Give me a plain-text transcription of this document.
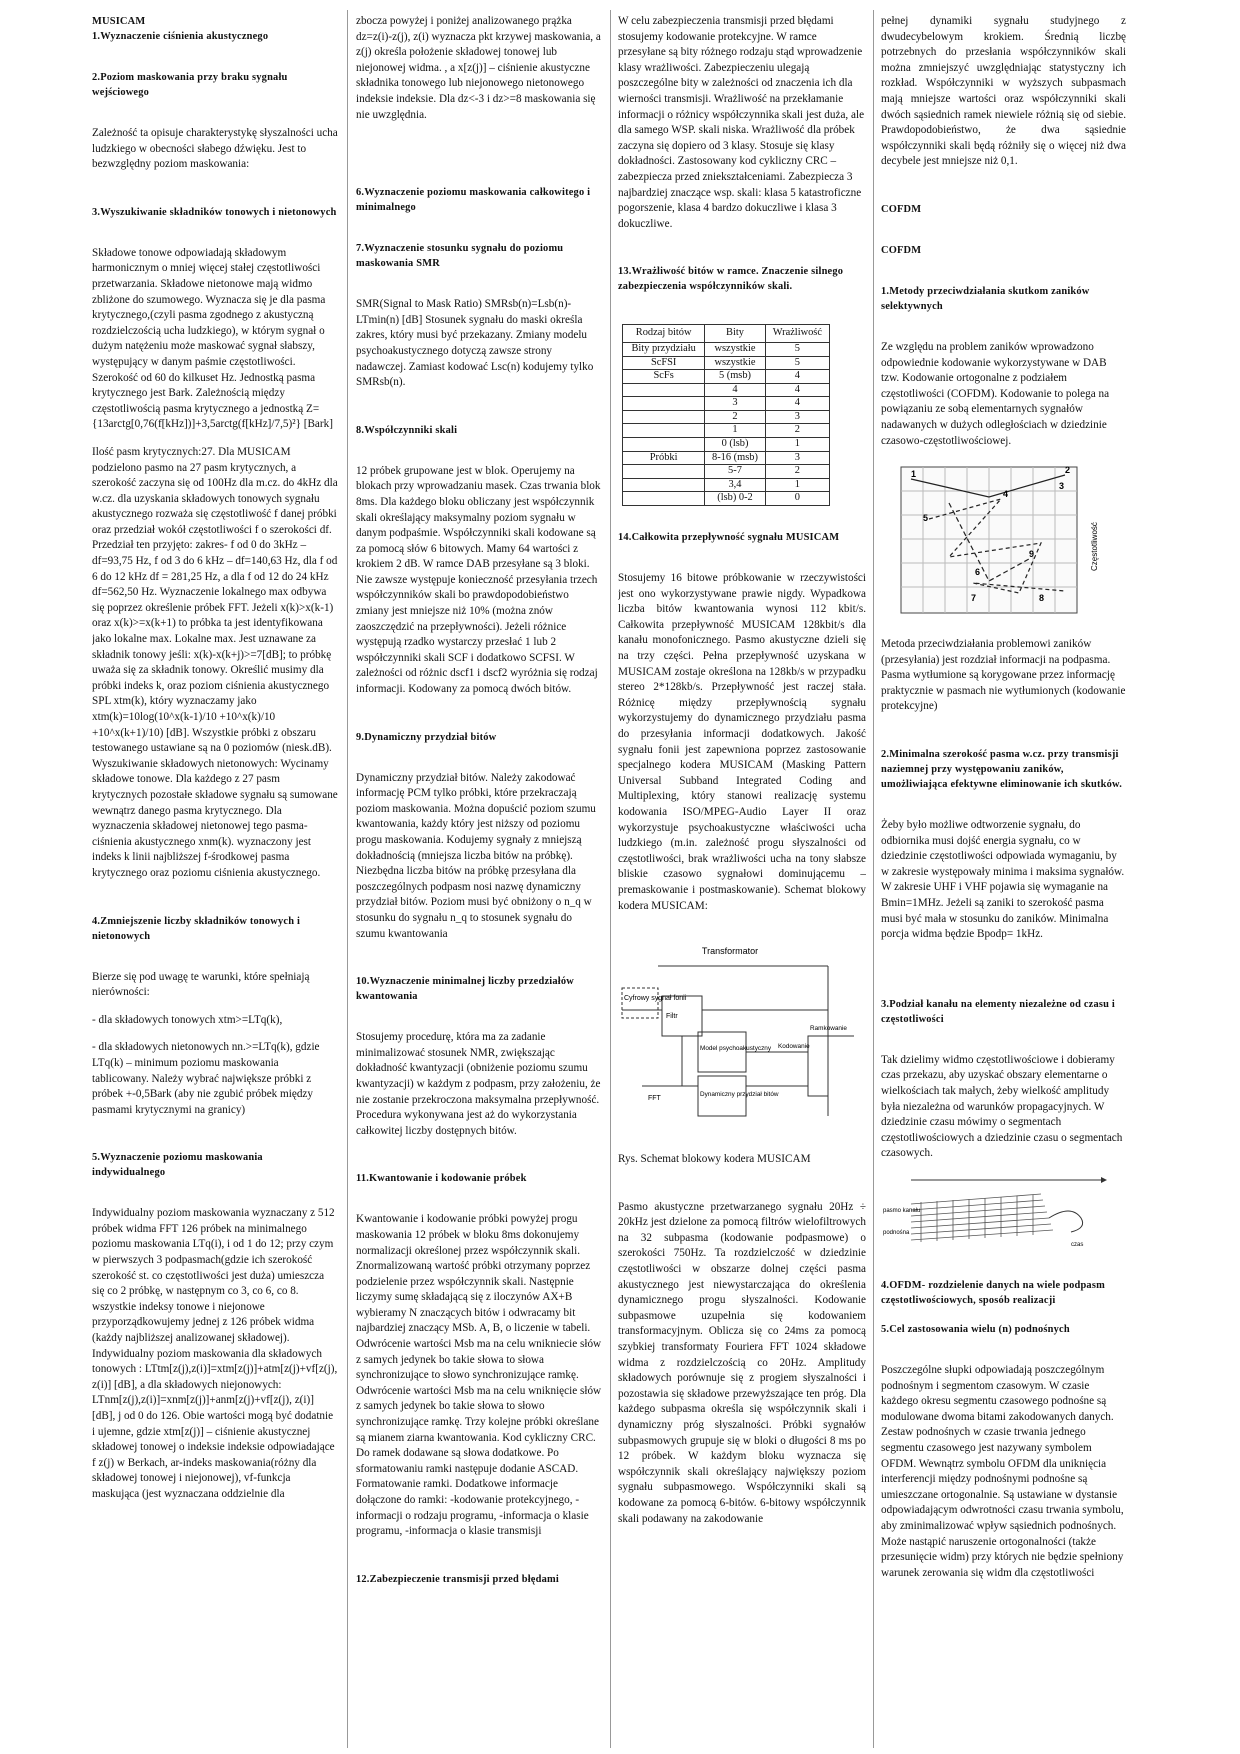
MUSICAM
1.Wyznaczenie ciśnienia akustycznego
2.Poziom maskowania przy braku sygnału wejściowego

Zależność ta opisuje charakterystykę słyszalności ucha ludzkiego w obecności słabego dźwięku. Jest to bezwzględny poziom maskowania:

3.Wyszukiwanie składników tonowych i nietonowych

Składowe tonowe odpowiadają składowym harmonicznym o mniej więcej stałej częstotliwości przetwarzania. Składowe nietonowe mają widmo zbliżone do szumowego. Wyznacza się je dla pasma krytycznego,(czyli pasma zgodnego z akustyczną rozdzielczością ucha ludzkiego), w którym sygnał o dużym natężeniu może maskować sygnał słabszy, występujący w danym paśmie częstotliwości. Szerokość od 60 do kilkuset Hz. Jednostką pasma krytycznego jest Bark. Zależnością między częstotliwością pasma krytycznego a jednostką Z={13arctg[0,76(f[kHz])]+3,5arctg(f[kHz]/7,5)²} [Bark]

Ilość pasm krytycznych:27. Dla MUSICAM podzielono pasmo na 27 pasm krytycznych, a szerokość zaczyna się od 100Hz dla m.cz. do 4kHz dla w.cz. dla uzyskania składowych tonowych sygnału akustycznego rozważa się częstotliwość f danej próbki oraz przedział wokół częstotliwości f o szerokości df. Przedział ten przyjęto: zakres- f od 0 do 3kHz – df=93,75 Hz, f od 3 do 6 kHz – df=140,63 Hz, dla f od 6 do 12 kHz df = 281,25 Hz, a dla f od 12 do 24 kHz df=562,50 Hz. Wyznaczenie lokalnego max odbywa się poprzez określenie próbek FFT. Jeżeli x(k)>x(k-1) oraz x(k)>=x(k+1) to próbka ta jest identyfikowana jako lokalne max. Lokalne max. Jest uznawane za składnik tonowy jeśli: x(k)-x(k+j)>=7[dB]; to próbkę uważa się za składnik tonowy. Określić musimy dla próbki indeks k, oraz poziom ciśnienia akustycznego SPL xtm(k), który wyznaczamy jako xtm(k)=10log(10^x(k-1)/10 +10^x(k)/10 +10^x(k+1)/10) [dB]. Wszystkie próbki z obszaru testowanego ustawiane są na 0 poziomów (niesk.dB). Wyszukiwanie składowych nietonowych: Wycinamy składowe tonowe. Dla każdego z 27 pasm krytycznych pozostałe składowe sygnału są sumowane wewnątrz danego pasma krytycznego. Dla wyznaczenia składowej nietonowej tego pasma-ciśnienia akustycznego xnm(k). wyznaczony jest indeks k linii najbliższej f-środkowej pasma krytycznego oraz poziomu ciśnienia akustycznego.

4.Zmniejszenie liczby składników tonowych i nietonowych

Bierze się pod uwagę te warunki, które spełniają nierówności:

- dla składowych tonowych xtm>=LTq(k),

- dla składowych nietonowych nn.>=LTq(k), gdzie LTq(k) – minimum poziomu maskowania tablicowany. Należy wybrać największe próbki z próbek +-0,5Bark (aby nie zgubić próbek między pasmami krytycznymi na granicy)

5.Wyznaczenie poziomu maskowania indywidualnego

Indywidualny poziom maskowania wyznaczany z 512 próbek widma FFT 126 próbek na minimalnego poziomu maskowania LTq(i), i od 1 do 12; przy czym w pierwszych 3 podpasmach(gdzie ich szerokość szerokość st. co częstotliwości jest duża) umieszcza się co 2 próbkę, w następnym co 3, co 6, co 8. wszystkie indeksy tonowe i niejonowe przyporządkowujemy jednej z 126 próbek widma (każdy najbliższej analizowanej składowej). Indywidualny poziom maskowania dla składowych tonowych : LTtm[z(j),z(i)]=xtm[z(j)]+atm[z(j)+vf[z(j), z(i)] [dB], a dla składowych niejonowych: LTnm[z(j),z(i)]=xnm[z(j)]+anm[z(j)+vf[z(j), z(i)] [dB], j od 0 do 126. Obie wartości mogą być dodatnie i ujemne, gdzie xtm[z(j)] – ciśnienie akustycznej składowej tonowej o indeksie indeksie odpowiadające f z(j) w Berkach, ar-indeks maskowania(różny dla składowej tonowej i niejonowej), vf-funkcja maskująca (jest wyznaczana oddzielnie dla

zbocza powyżej i poniżej analizowanego prążka dz=z(i)-z(j), z(i) wyznacza pkt krzywej maskowania, a z(j) określa położenie składowej tonowej lub niejonowej widma. , a x[z(j)] – ciśnienie akustyczne składnika tonowego lub niejonowego nietonowego indeksie indeksie. Dla dz<-3 i dz>=8 maskowania się nie uwzględnia.

6.Wyznaczenie poziomu maskowania całkowitego i minimalnego
7.Wyznaczenie stosunku sygnału do poziomu maskowania SMR

SMR(Signal to Mask Ratio) SMRsb(n)=Lsb(n)-LTmin(n) [dB] Stosunek sygnału do maski określa zakres, który musi być przekazany. Zmiany modelu psychoakustycznego dotyczą zawsze strony nadawczej. Zamiast kodować Lsc(n) kodujemy tylko SMRsb(n).

8.Współczynniki skali

12 próbek grupowane jest w blok. Operujemy na blokach przy wprowadzaniu masek. Czas trwania blok 8ms. Dla każdego bloku obliczany jest współczynnik skali określający maksymalny poziom sygnału w danym podpaśmie. Współczynniki skali kodowane są za pomocą słów 6 bitowych. Mamy 64 wartości z krokiem 2 dB. W ramce DAB przesyłane są 3 bloki. Nie zawsze występuje konieczność przesyłania trzech współczynników skali bo prawdopodobieństwo zmiany jest mniejsze niż 10% (można znów zaoszczędzić na przepływności). Jeżeli różnice występują rzadko wystarczy przesłać 1 lub 2 współczynniki skali SCF i dodatkowo SCFSI. W zależności od różnic dscf1 i dscf2 wyróżnia się rodzaj informacji. Kodowany za pomocą dwóch bitów.

9.Dynamiczny przydział bitów

Dynamiczny przydział bitów. Należy zakodować informację PCM tylko próbki, które przekraczają poziom maskowania. Można dopuścić poziom szumu kwantowania, każdy który jest niższy od poziomu progu maskowania. Kodujemy sygnały z mniejszą dokładnością (mniejsza liczba bitów na próbkę). Niezbędna liczba bitów na próbkę przesyłana dla poszczególnych podpasm nosi nazwę dynamiczny przydział bitów. Poziom musi być obniżony o n_q w stosunku do sygnału n_q to stosunek sygnału do szumu kwantowania

10.Wyznaczenie minimalnej liczby przedziałów kwantowania

Stosujemy procedurę, która ma za zadanie minimalizować stosunek NMR, zwiększając dokładność kwantyzacji (obniżenie poziomu szumu kwantyzacji) w każdym z podpasm, przy założeniu, że nie zostanie przekroczona maksymalna przepływność. Procedura wykonywana jest aż do wykorzystania całkowitej liczby dostępnych bitów.

11.Kwantowanie i kodowanie próbek

Kwantowanie i kodowanie próbki powyżej progu maskowania 12 próbek w bloku 8ms dokonujemy normalizacji określonej przez współczynnik skali. Znormalizowaną wartość próbki otrzymany poprzez podzielenie przez współczynnik skali. Następnie liczymy sumę składającą się z iloczynów AX+B wybieramy N znaczących bitów i odwracamy bit najbardziej znaczący MSb. A, B, o liczenie w tabeli. Odwrócenie wartości Msb ma na celu wnikniecie słów z samych jedynek bo takie słowa to słowa synchronizujące to słowo synchronizujące ramkę. Odwrócenie wartości Msb ma na celu wniknięcie słów z samych jedynek bo takie słowa to słowo synchronizujące ramkę. Trzy kolejne próbki określane są mianem ziarna kwantowania. Kod cykliczny CRC. Do ramek dodawane są słowa dodatkowe. Po sformatowaniu ramki następuje dodanie ASCAD. Formatowanie ramki. Dodatkowe informacje dołączone do ramki: -kodowanie protekcyjnego, -informacji o rodzaju programu, -informacja o klasie programu, -informacja o klasie transmisji

12.Zabezpieczenie transmisji przed błędami

W celu zabezpieczenia transmisji przed błędami stosujemy kodowanie protekcyjne. W ramce przesyłane są bity różnego rodzaju stąd wprowadzenie klasy wrażliwości. Zabezpieczeniu ulegają poszczególne bity w zależności od znaczenia ich dla wierności transmisji. Wrażliwość na przekłamanie informacji o różnicy współczynnika skali jest duża, ale dla samego WSP. skali niska. Wrażliwość dla próbek zaczyna się dopiero od 3 klasy. Stosuje się klasy dokładności. Zastosowany kod cykliczny CRC – zabezpiecza przed zniekształceniami. Zabezpiecza 3 najbardziej znaczące wsp. skali: klasa 5 katastroficzne pogorszenie, klasa 4 bardzo dokuczliwe i klasa 3 dokuczliwe.

13.Wrażliwość bitów w ramce. Znaczenie silnego zabezpieczenia współczynników skali.
Rodzaj bitów	Bity	Wrażliwość
Bity przydziału	wszystkie	5
ScFSI	wszystkie	5
ScFs	5 (msb)	4
	4	4
	3	4
	2	3
	1	2
	0 (lsb)	1
Próbki	8-16 (msb)	3
	5-7	2
	3,4	1
	(lsb) 0-2	0
14.Całkowita przepływność sygnału MUSICAM

Stosujemy 16 bitowe próbkowanie w rzeczywistości jest ono wykorzystywane prawie nigdy. Wypadkowa liczba bitów kwantowania wynosi 112 kbit/s. Całkowita przepływność MUSICAM 128kbit/s dla kanału monofonicznego. Pasmo akustyczne dzieli się na trzy części. Pełna przepływność uzyskana w MUSICAM zostaje określona na 128kb/s w przypadku stereo 2*128kb/s. Przepływność jest raczej stała. Różnicę między przepływnością sygnału wykorzystujemy do dynamicznego przydziału pasma do przesyłania informacji dodatkowych. Jakość sygnału fonii jest zapewniona poprzez zastosowanie specjalnego kodera MUSICAM (Masking Pattern Universal Subband Integrated Coding and Multiplexing, który stanowi realizację systemu kodowania ISO/MPEG-Audio Layer II oraz wykorzystuje psychoakustyczne właściwości ucha ludzkiego (m.in. zależność progu słyszalności od częstotliwości, brak wrażliwości ucha na tony słabsze bliskie czasowo sygnałowi dominującemu – premaskowanie i postmaskowanie). Schemat blokowy kodera MUSICAM:

Transformator
Cyfrowy sygnał fonii
Filtr
Model psychoakustyczny
Dynamiczny przydział bitów
FFT
Kodowanie
Ramkowanie

Rys. Schemat blokowy kodera MUSICAM

Pasmo akustyczne przetwarzanego sygnału 20Hz ÷ 20kHz jest dzielone za pomocą filtrów wielofiltrowych na 32 subpasma (kodowanie podpasmowe) o szerokości 750Hz. Ta rozdzielczość w dziedzinie częstotliwości w obszarze dolnej części pasma akustycznego jest niewystarczająca do określenia dynamicznego progu słyszalności. Kodowanie subpasmowe uzupełnia się kodowaniem transformacyjnym. Oblicza się co 24ms za pomocą szybkiej transformaty Fouriera FFT 1024 składowe widma z rozdzielczością co 20Hz. Amplitudy składowych porównuje się z progiem słyszalności i pozostawia się składowe przewyższające ten próg. Dla każdego subpasma określa się współczynnik skali i dynamiczny próg słyszalności. Próbki sygnałów subpasmowych grupuje się w bloki o długości 8 ms po 12 próbek. W każdym bloku wyznacza się współczynnik skali określający największy poziom sygnału subpasmowego. Współczynniki skali są kodowane za pomocą 6-bitów. 6-bitowy współczynnik skali podawany na zakodowanie

pełnej dynamiki sygnału studyjnego z dwudecybelowym krokiem. Średnią liczbę potrzebnych do przesłania współczynników skali można zmniejszyć uwzględniając statystyczny ich rozkład. Współczynniki w wyższych subpasmach mają mniejsze wartości oraz współczynniki skali dwóch sąsiednich ramek niewiele różnią się od siebie. Prawdopodobieństwo, że dwa sąsiednie współczynniki skali będą różniły się o więcej niż dwa decybele jest mniejsze niż 0,1.

COFDM
COFDM
1.Metody przeciwdziałania skutkom zaników selektywnych

Ze względu na problem zaników wprowadzono odpowiednie kodowanie wykorzystywane w DAB tzw. Kodowanie ortogonalne z podziałem częstotliwości (COFDM). Kodowanie to polega na powiązaniu ze sobą elementarnych sygnałów nadawanych w dużych odległościach w dziedzinie czasowo-częstotliwościowej.

1	2
3
4
5
6
7	8
9	Częstotliwość

Metoda przeciwdziałania problemowi zaników (przesyłania) jest rozdział informacji na podpasma. Pasma wytłumione są korygowane przez informację praktycznie w pasmach nie wytłumionych (kodowanie protekcyjne)

2.Minimalna szerokość pasma w.cz. przy transmisji naziemnej przy występowaniu zaników, umożliwiająca efektywne eliminowanie ich skutków.

Żeby było możliwe odtworzenie sygnału, do odbiornika musi dojść energia sygnału, co w dziedzinie częstotliwości odpowiada wymaganiu, by w zakresie występowały minima i maksima sygnałów. W zakresie UHF i VHF pojawia się wymaganie na Bmin=1MHz. Jeżeli są zaniki to szerokość pasma musi być mała w stosunku do zaników. Minimalna porcja widma będzie Bpodp= 1kHz.

3.Podział kanału na elementy niezależne od czasu i częstotliwości

Tak dzielimy widmo częstotliwościowe i dobieramy czas przekazu, aby uzyskać obszary elementarne o wielkościach tak małych, żeby wielkość amplitudy była niezależna od warunków propagacyjnych. W dziedzinie czasu mówimy o segmentach częstotliwościowych a dziedzinie czasu o segmentach czasowych.

pasmo kanału
podnośna
czas
4.OFDM- rozdzielenie danych na wiele podpasm częstotliwościowych, sposób realizacji
5.Cel zastosowania wielu (n) podnośnych

Poszczególne słupki odpowiadają poszczególnym podnośnym i segmentom czasowym. W czasie każdego okresu segmentu czasowego podnośne są modulowane dwoma bitami zakodowanych danych. Zestaw podnośnych w czasie trwania jednego segmentu czasowego jest nazywany symbolem OFDM. Wewnątrz symbolu OFDM dla uniknięcia interferencji między podnośnymi podnośne są umieszczane ortogonalnie. Są ustawiane w dystansie odpowiadającym odwrotności czasu trwania symbolu, aby zminimalizować wpływ sąsiednich podnośnych. Może nastąpić naruszenie ortogonalności (także przesunięcie widm) przy których nie będzie spełniony warunek zerowania się widm dla częstotliwości
